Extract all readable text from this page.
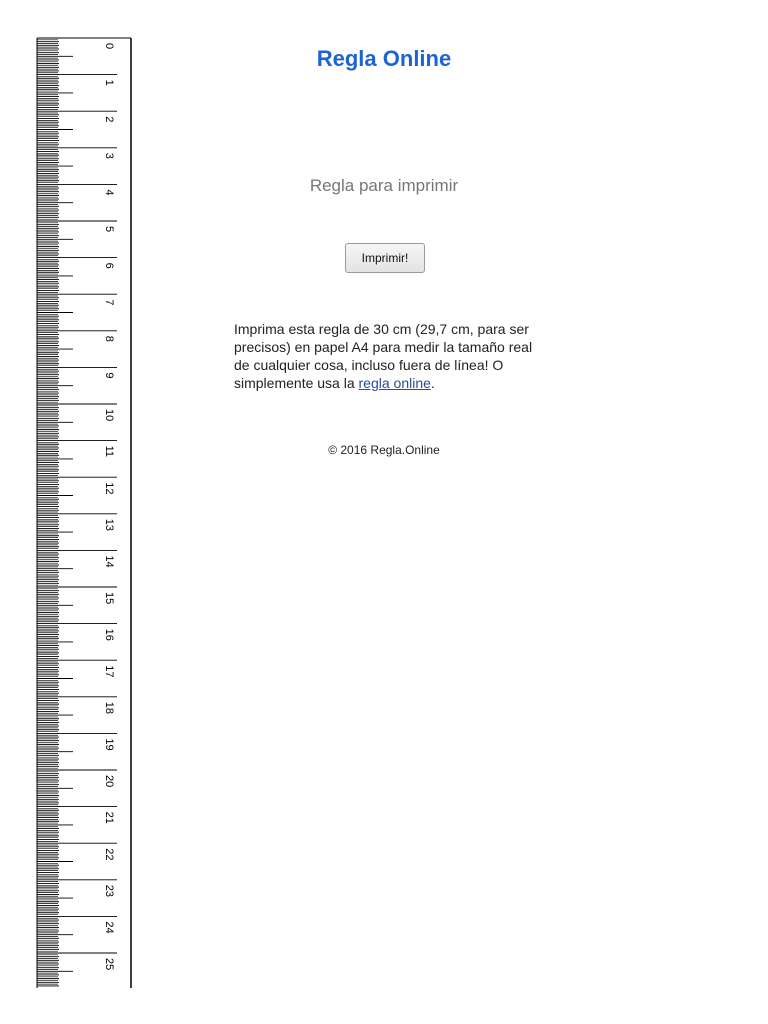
0
1
2
3
4
5
6
7
8
9
10
11
12
13
14
15
16
17
18
19
20
21
22
23
24
25
Regla Online
Regla para imprimir
Imprimir!

Imprima esta regla de 30 cm (29,7 cm, para ser precisos) en papel A4 para medir la tamaño real de cualquier cosa, incluso fuera de línea! O simplemente usa la regla online.

© 2016 Regla.Online
